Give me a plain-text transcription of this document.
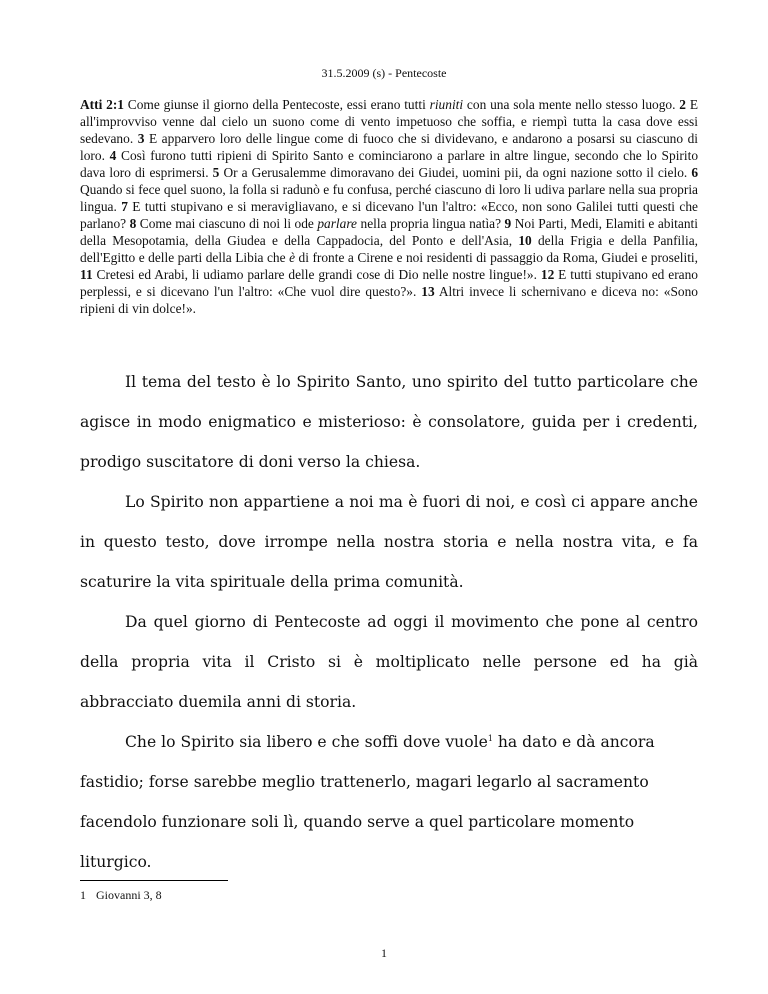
31.5.2009 (s) - Pentecoste

Atti 2:1 Come giunse il giorno della Pentecoste, essi erano tutti riuniti con una sola mente nello stesso luogo. 2 E all'improvviso venne dal cielo un suono come di vento impetuoso che soffia, e riempì tutta la casa dove essi sedevano. 3 E apparvero loro delle lingue come di fuoco che si dividevano, e andarono a posarsi su ciascuno di loro. 4 Così furono tutti ripieni di Spirito Santo e cominciarono a parlare in altre lingue, secondo che lo Spirito dava loro di esprimersi. 5 Or a Gerusalemme dimoravano dei Giudei, uomini pii, da ogni nazione sotto il cielo. 6 Quando si fece quel suono, la folla si radunò e fu confusa, perché ciascuno di loro li udiva parlare nella sua propria lingua. 7 E tutti stupivano e si meravigliavano, e si dicevano l'un l'altro: «Ecco, non sono Galilei tutti questi che parlano? 8 Come mai ciascuno di noi li ode parlare nella propria lingua natìa? 9 Noi Parti, Medi, Elamiti e abitanti della Mesopotamia, della Giudea e della Cappadocia, del Ponto e dell'Asia, 10 della Frigia e della Panfilia, dell'Egitto e delle parti della Libia che è di fronte a Cirene e noi residenti di passaggio da Roma, Giudei e proseliti, 11 Cretesi ed Arabi, li udiamo parlare delle grandi cose di Dio nelle nostre lingue!». 12 E tutti stupivano ed erano perplessi, e si dicevano l'un l'altro: «Che vuol dire questo?». 13 Altri invece li schernivano e diceva no: «Sono ripieni di vin dolce!».

Il tema del testo è lo Spirito Santo, uno spirito del tutto particolare che agisce in modo enigmatico e misterioso: è consolatore, guida per i credenti, prodigo suscitatore di doni verso la chiesa.

Lo Spirito non appartiene a noi ma è fuori di noi, e così ci appare anche in questo testo, dove irrompe nella nostra storia e nella nostra vita, e fa scaturire la vita spirituale della prima comunità.

Da quel giorno di Pentecoste ad oggi il movimento che pone al centro della propria vita il Cristo si è moltiplicato nelle persone ed ha già abbracciato duemila anni di storia.

Che lo Spirito sia libero e che soffi dove vuole$^1$ ha dato e dà ancora fastidio; forse sarebbe meglio trattenerlo, magari legarlo al sacramento facendolo funzionare soli lì, quando serve a quel particolare momento liturgico.

1 Giovanni 3, 8
1
